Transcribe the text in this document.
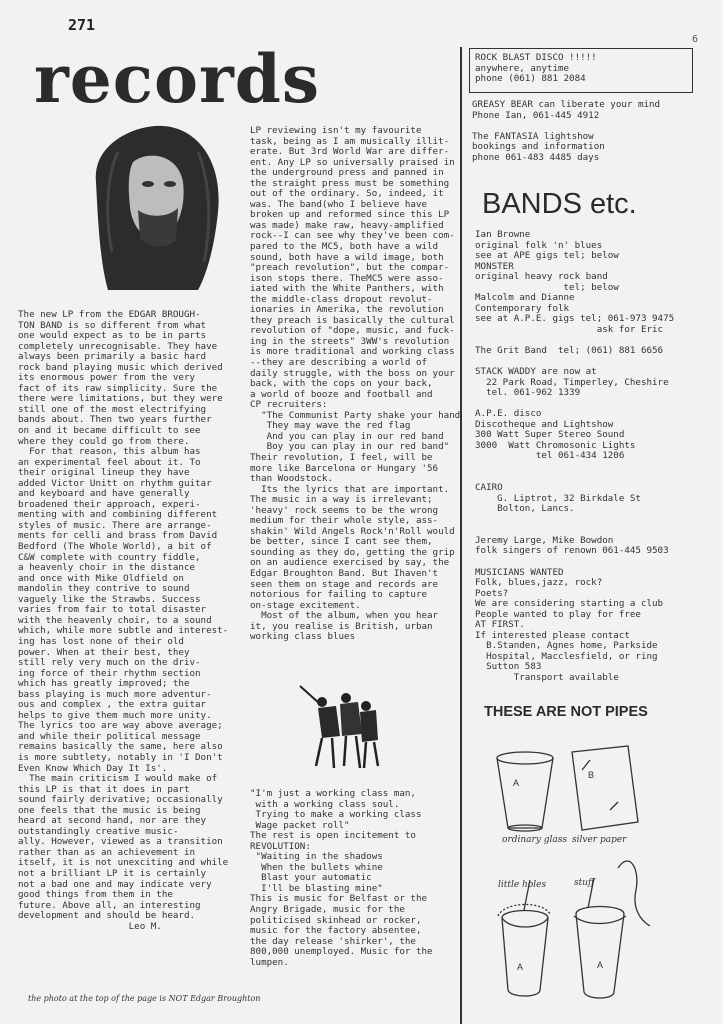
271
6
records
The new LP from the EDGAR BROUGH-
TON BAND is so different from what
one would expect as to be in parts
completely unrecognisable. They have
always been primarily a basic hard
rock band playing music which derived
its enormous power from the very
fact of its raw simplicity. Sure the
there were limitations, but they were
still one of the most electrifying
bands about. Then two years further
on and it became difficult to see
where they could go from there.
For that reason, this album has
an experimental feel about it. To
their original lineup they have
added Victor Unitt on rhythm guitar
and keyboard and have generally
broadened their approach, experi-
menting with and combining different
styles of music. There are arrange-
ments for celli and brass from David
Bedford (The Whole World), a bit of
C&W complete with country fiddle,
a heavenly choir in the distance
and once with Mike Oldfield on
mandolin they contrive to sound
vaguely like the Strawbs. Success
varies from fair to total disaster
with the heavenly choir, to a sound
which, while more subtle and interest-
ing has lost none of their old
power. When at their best, they
still rely very much on the driv-
ing force of their rhythm section
which has greatly improved; the
bass playing is much more adventur-
ous and complex , the extra guitar
helps to give them much more unity.
The lyrics too are way above average;
and while their political message
remains basically the same, here also
is more subtlety, notably in 'I Don't
Even Know Which Day It Is'.
The main criticism I would make of
this LP is that it does in part
sound fairly derivative; occasionally
one feels that the music is being
heard at second hand, nor are they
outstandingly creative music-
ally. However, viewed as a transition
rather than as an achievement in
itself, it is not unexciting and while
not a brilliant LP it is certainly
not a bad one and may indicate very
good things from them in the
future. Above all, an interesting
development and should be heard.
Leo M.
LP reviewing isn't my favourite
task, being as I am musically illit-
erate. But 3rd World War are differ-
ent. Any LP so universally praised in
the underground press and panned in
the straight press must be something
out of the ordinary. So, indeed, it
was. The band(who I believe have
broken up and reformed since this LP
was made) make raw, heavy-amplified
rock--I can see why they've been com-
pared to the MC5, both have a wild
sound, both have a wild image, both
"preach revolution", but the compar-
ison stops there. TheMC5 were asso-
iated with the White Panthers, with
the middle-class dropout revolut-
ionaries in Amerika, the revolution
they preach is basically the cultural
revolution of "dope, music, and fuck-
ing in the streets" 3WW's revolution
is more traditional and working class
--they are describing a world of
daily struggle, with the boss on your
back, with the cops on your back,
a world of booze and football and
CP recruiters:
"The Communist Party shake your hand
They may wave the red flag
And you can play in our red band
Boy you can play in our red band"
Their revolution, I feel, will be
more like Barcelona or Hungary '56
than Woodstock.
Its the lyrics that are important.
The music in a way is irrelevant;
'heavy' rock seems to be the wrong
medium for their whole style, ass-
shakin' Wild Angels Rock'n'Roll would
be better, since I cant see them,
sounding as they do, getting the grip
on an audience exercised by say, the
Edgar Broughton Band. But Ihaven't
seen them on stage and records are
notorious for failing to capture
on-stage excitement.
Most of the album, when you hear
it, you realise is British, urban
working class blues
"I'm just a working class man,
with a working class soul.
Trying to make a working class
Wage packet roll"
The rest is open incitement to
REVOLUTION:
"Waiting in the shadows
When the bullets whine
Blast your automatic
I'll be blasting mine"
This is music for Belfast or the
Angry Brigade, music for the
politicised skinhead or rocker,
music for the factory absentee,
the day release 'shirker', the
800,000 unemployed. Music for the
lumpen.
ROCK BLAST DISCO !!!!!
anywhere, anytime
phone (061) 881 2084
GREASY BEAR can liberate your mind
Phone Ian, 061-445 4912

The FANTASIA lightshow
bookings and information
phone 061-483 4485 days
BANDS etc.
Ian Browne
original folk 'n' blues
see at APE gigs tel; below
MONSTER
original heavy rock band
tel; below
Malcolm and Dianne
Contemporary folk
see at A.P.E. gigs tel; 061-973 9475
ask for Eric

The Grit Band  tel; (061) 881 6656

STACK WADDY are now at
22 Park Road, Timperley, Cheshire
tel. 061-962 1339

A.P.E. disco
Discotheque and Lightshow
300 Watt Super Stereo Sound
3000  Watt Chromosonic Lights
tel 061-434 1206

CAIRO
G. Liptrot, 32 Birkdale St
Bolton, Lancs.

Jeremy Large, Mike Bowdon
folk singers of renown 061-445 9503

MUSICIANS WANTED
Folk, blues,jazz, rock?
Poets?
We are considering starting a club
People wanted to play for free
AT FIRST.
If interested please contact
B.Standen, Agnes home, Parkside
Hospital, Macclesfield, or ring
Sutton 583
Transport available
THESE ARE NOT PIPES
A
B
A	A
ordinary glass silver paper
little holes	stuff
the photo at the top of the page is NOT Edgar Broughton
